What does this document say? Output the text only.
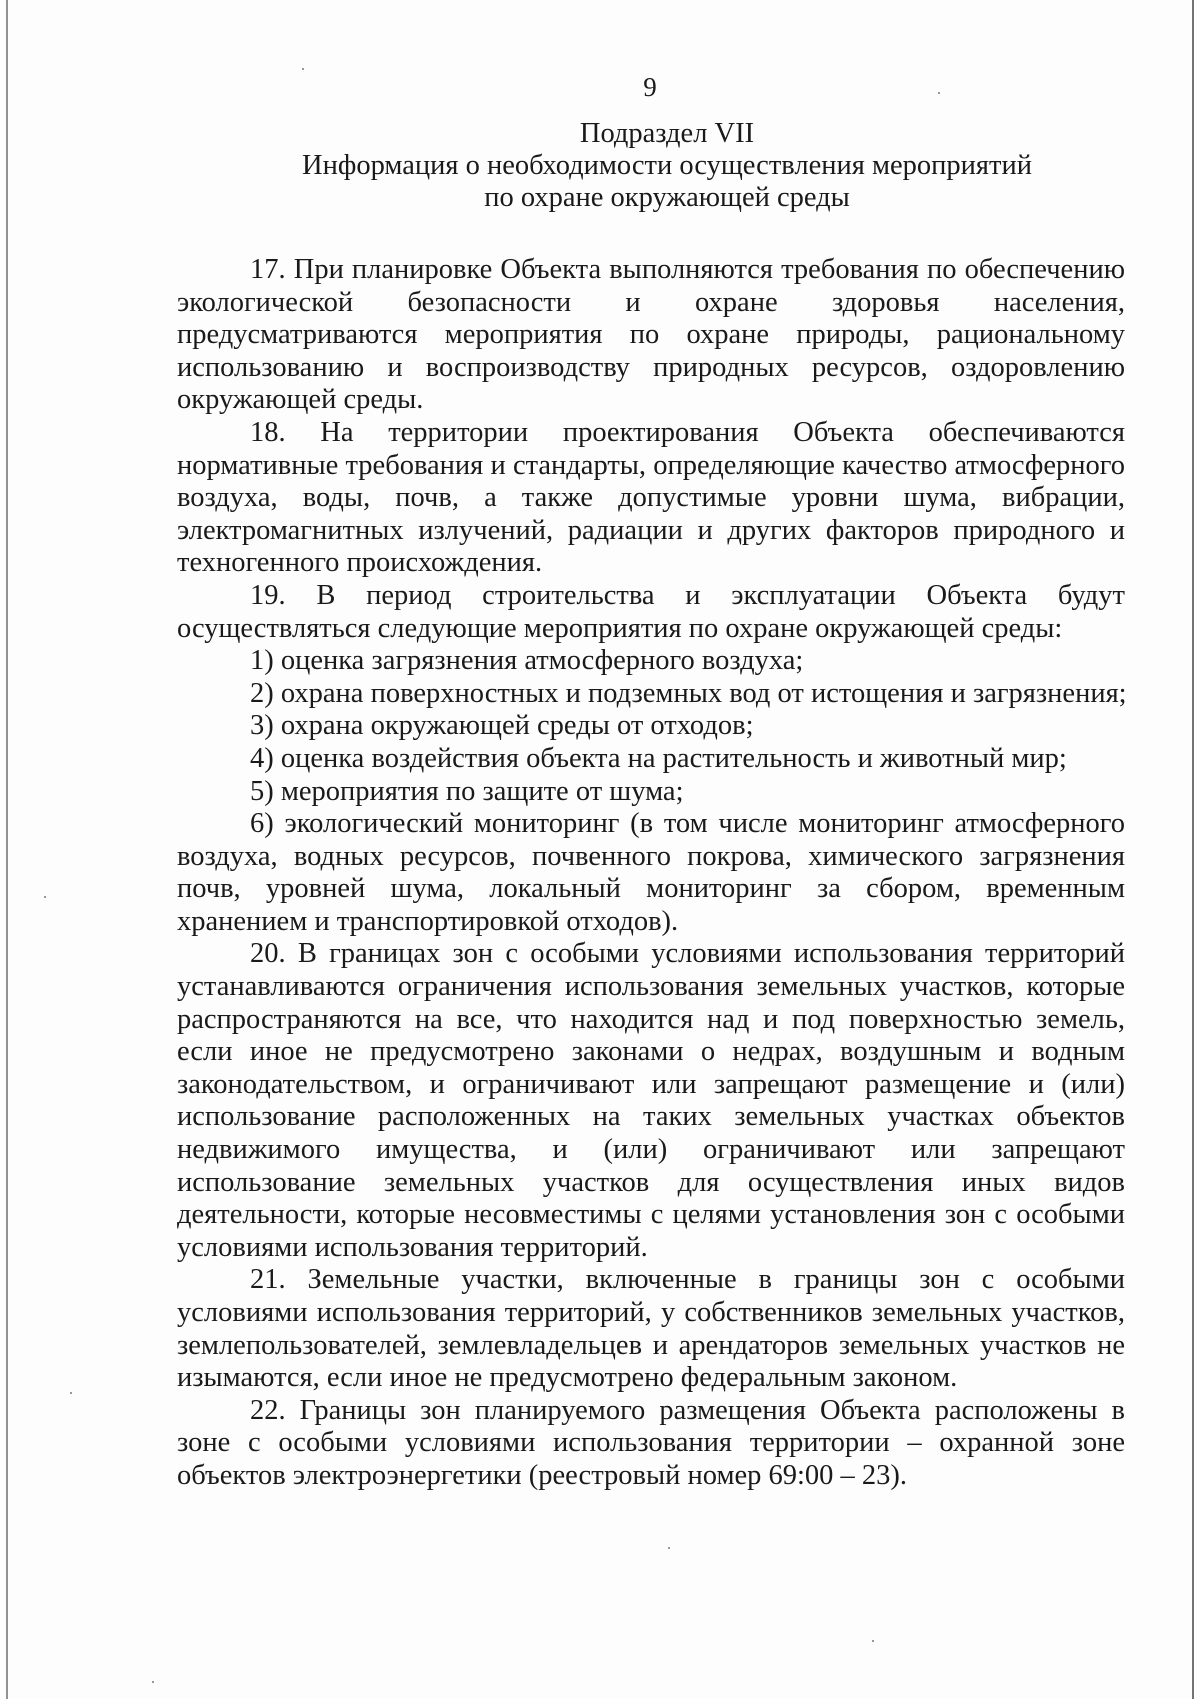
9
Подраздел VII
Информация о необходимости осуществления мероприятий
по охране окружающей среды

17. При планировке Объекта выполняются требования по обеспечению экологической безопасности и охране здоровья населения, предусматриваются мероприятия по охране природы, рациональному использованию и воспроизводству природных ресурсов, оздоровлению окружающей среды.

18. На территории проектирования Объекта обеспечиваются нормативные требования и стандарты, определяющие качество атмосферного воздуха, воды, почв, а также допустимые уровни шума, вибрации, электромагнитных излучений, радиации и других факторов природного и техногенного происхождения.

19. В период строительства и эксплуатации Объекта будут осуществляться следующие мероприятия по охране окружающей среды:

1) оценка загрязнения атмосферного воздуха;

2) охрана поверхностных и подземных вод от истощения и загрязнения;

3) охрана окружающей среды от отходов;

4) оценка воздействия объекта на растительность и животный мир;

5) мероприятия по защите от шума;

6) экологический мониторинг (в том числе мониторинг атмосферного воздуха, водных ресурсов, почвенного покрова, химического загрязнения почв, уровней шума, локальный мониторинг за сбором, временным хранением и транспортировкой отходов).

20. В границах зон с особыми условиями использования территорий устанавливаются ограничения использования земельных участков, которые распространяются на все, что находится над и под поверхностью земель, если иное не предусмотрено законами о недрах, воздушным и водным законодательством, и ограничивают или запрещают размещение и (или) использование расположенных на таких земельных участках объектов недвижимого имущества, и (или) ограничивают или запрещают использование земельных участков для осуществления иных видов деятельности, которые несовместимы с целями установления зон с особыми условиями использования территорий.

21. Земельные участки, включенные в границы зон с особыми условиями использования территорий, у собственников земельных участков, землепользователей, землевладельцев и арендаторов земельных участков не изымаются, если иное не предусмотрено федеральным законом.

22. Границы зон планируемого размещения Объекта расположены в зоне с особыми условиями использования территории – охранной зоне объектов электроэнергетики (реестровый номер 69:00 – 23).
